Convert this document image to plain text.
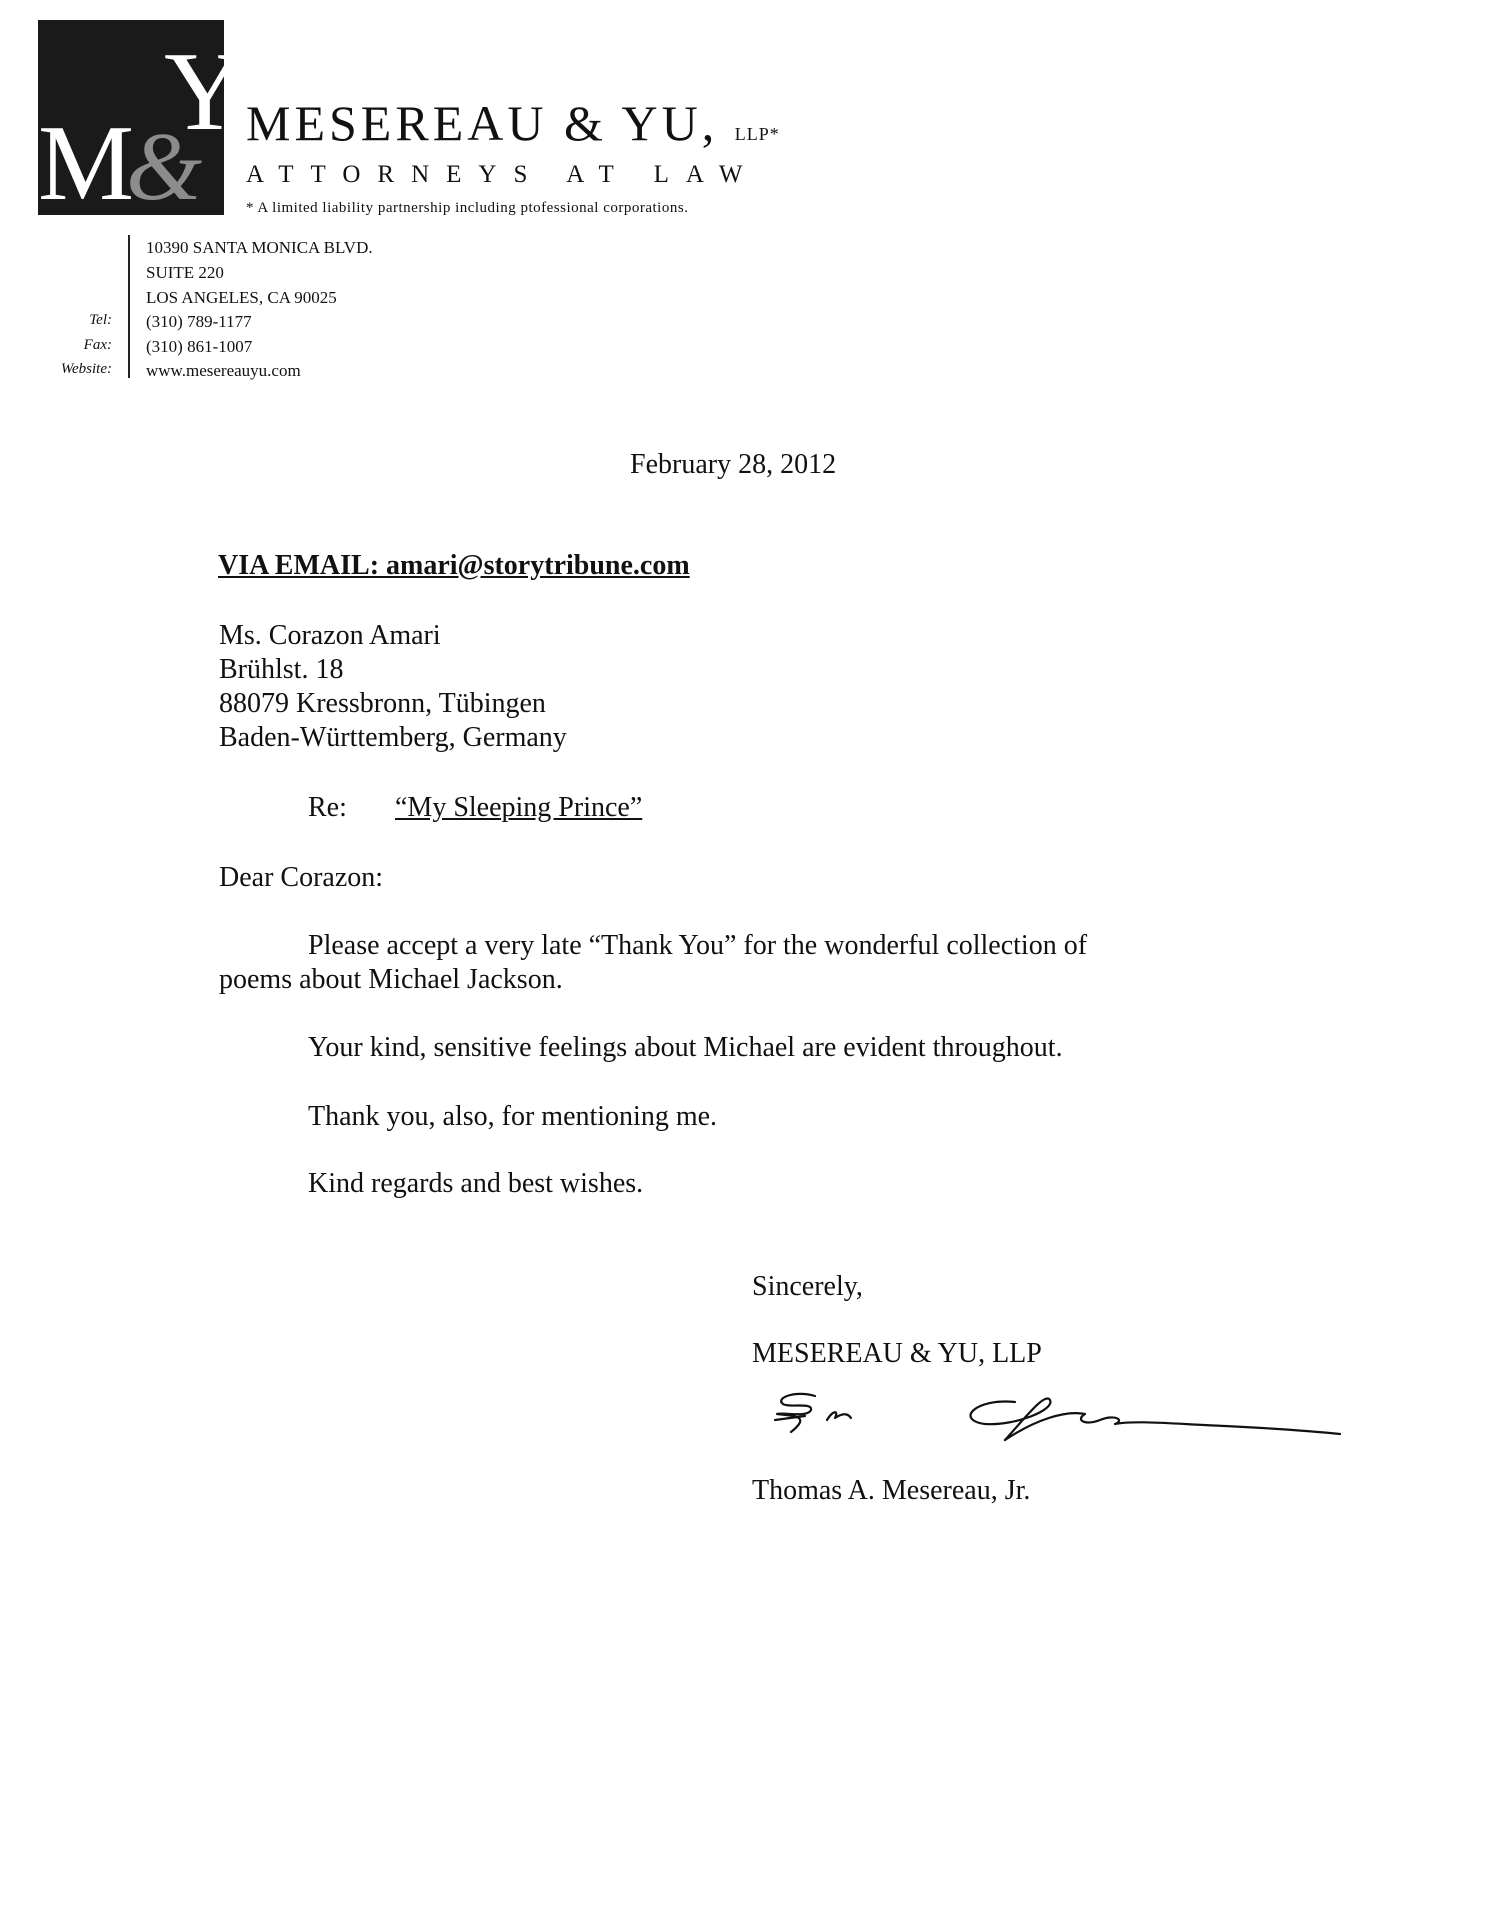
Y
M
& MESEREAU & YU, LLP*
ATTORNEYS AT LAW
* A limited liability partnership including ptofessional corporations.
10390 SANTA MONICA BLVD.
SUITE 220
LOS ANGELES, CA 90025
Tel: (310) 789-1177
Fax: (310) 861-1007
Website: www.mesereauyu.com
February 28, 2012
VIA EMAIL: amari@storytribune.com
Ms. Corazon Amari
Brühlst. 18
88079 Kressbronn, Tübingen
Baden-Württemberg, Germany
Re: “My Sleeping Prince”
Dear Corazon:
Please accept a very late “Thank You” for the wonderful collection of
poems about Michael Jackson.
Your kind, sensitive feelings about Michael are evident throughout.
Thank you, also, for mentioning me.
Kind regards and best wishes.
Sincerely,
MESEREAU & YU, LLP
Thomas A. Mesereau, Jr.
